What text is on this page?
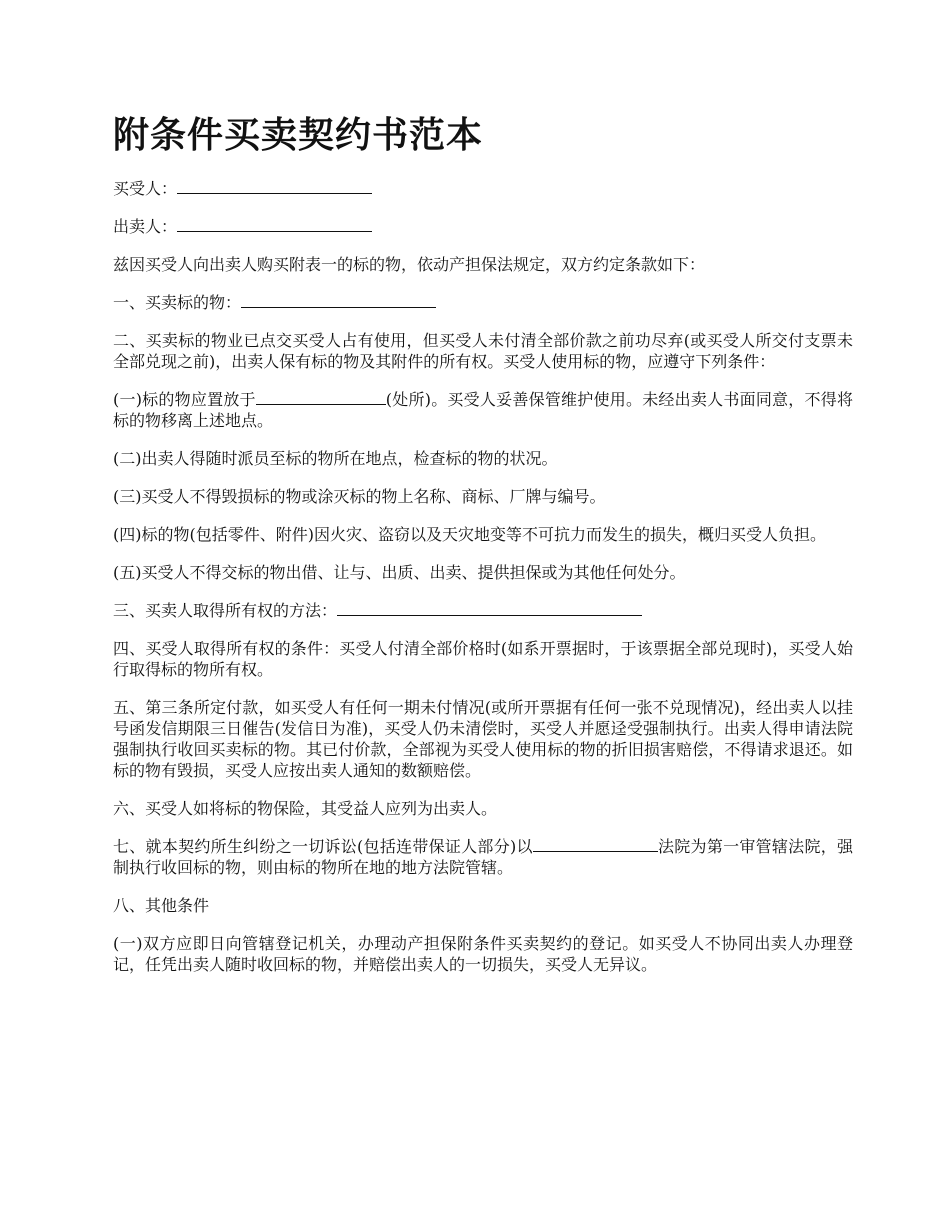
附条件买卖契约书范本

买受人：

出卖人：

兹因买受人向出卖人购买附表一的标的物，依动产担保法规定，双方约定条款如下：

一、买卖标的物：

二、买卖标的物业已点交买受人占有使用，但买受人未付清全部价款之前功尽弃(或买受人所交付支票未全部兑现之前)，出卖人保有标的物及其附件的所有权。买受人使用标的物，应遵守下列条件：

(一)标的物应置放于	(处所)。买受人妥善保管维护使用。未经出卖人书面同意，不得将标的物移离上述地点。

(二)出卖人得随时派员至标的物所在地点，检查标的物的状况。

(三)买受人不得毁损标的物或涂灭标的物上名称、商标、厂牌与编号。

(四)标的物(包括零件、附件)因火灾、盗窃以及天灾地变等不可抗力而发生的损失，概归买受人负担。

(五)买受人不得交标的物出借、让与、出质、出卖、提供担保或为其他任何处分。

三、买卖人取得所有权的方法：

四、买受人取得所有权的条件：买受人付清全部价格时(如系开票据时，于该票据全部兑现时)，买受人始行取得标的物所有权。

五、第三条所定付款，如买受人有任何一期未付情况(或所开票据有任何一张不兑现情况)，经出卖人以挂号函发信期限三日催告(发信日为准)，买受人仍未清偿时，买受人并愿迳受强制执行。出卖人得申请法院强制执行收回买卖标的物。其已付价款，全部视为买受人使用标的物的折旧损害赔偿，不得请求退还。如标的物有毁损，买受人应按出卖人通知的数额赔偿。

六、买受人如将标的物保险，其受益人应列为出卖人。

七、就本契约所生纠纷之一切诉讼(包括连带保证人部分)以	法院为第一审管辖法院，强制执行收回标的物，则由标的物所在地的地方法院管辖。

八、其他条件

(一)双方应即日向管辖登记机关，办理动产担保附条件买卖契约的登记。如买受人不协同出卖人办理登记，任凭出卖人随时收回标的物，并赔偿出卖人的一切损失，买受人无异议。
